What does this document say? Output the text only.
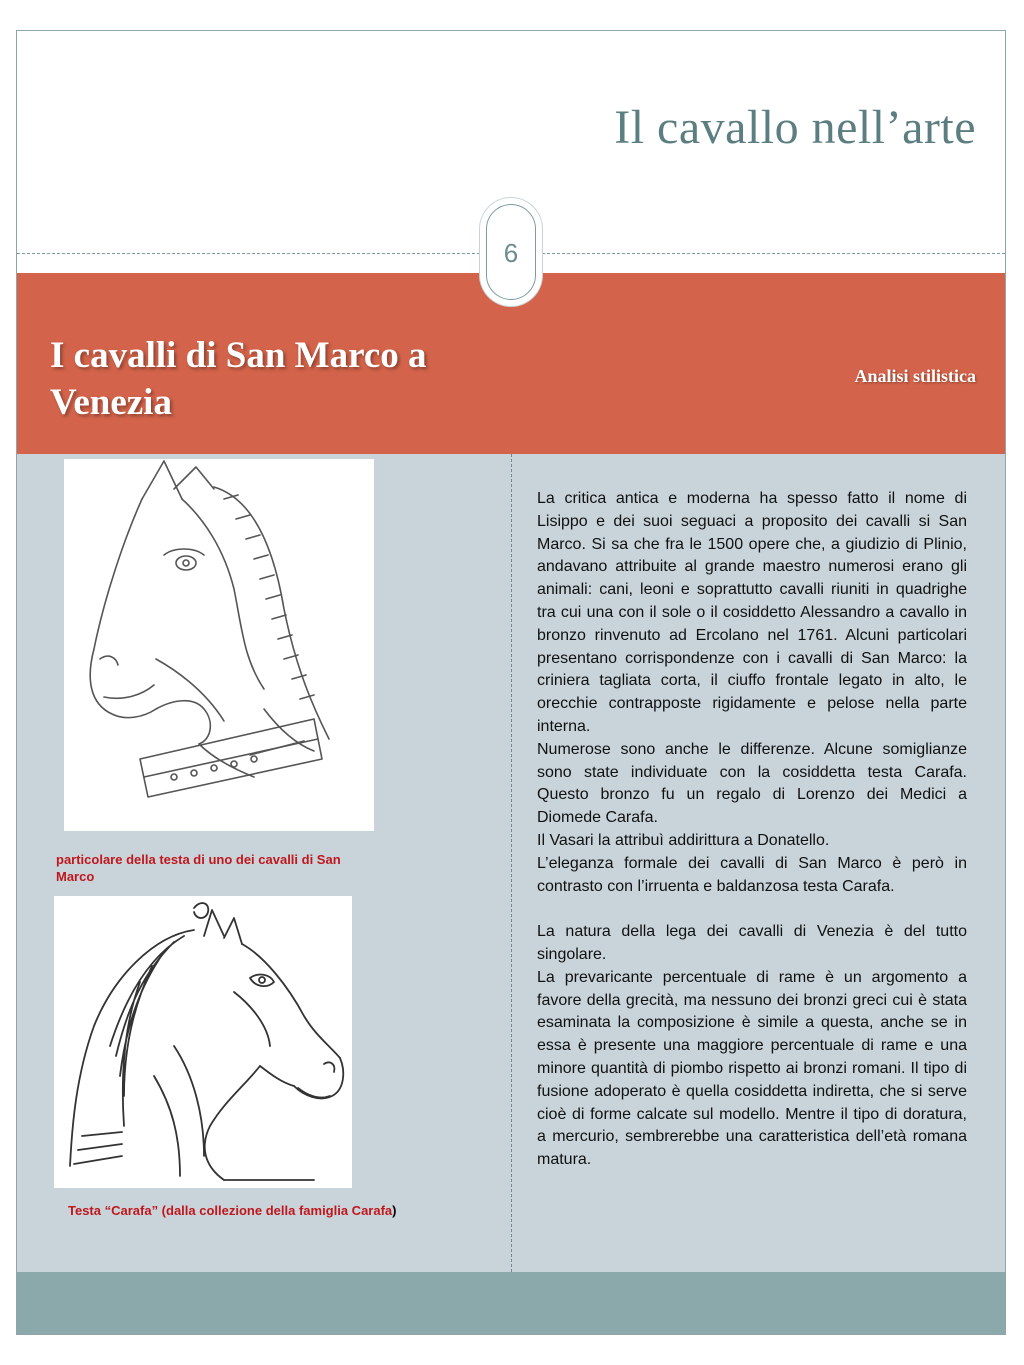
Il cavallo nell’arte
6
I cavalli di San Marco a Venezia
Analisi stilistica
particolare della testa di uno dei cavalli di San Marco
Testa “Carafa” (dalla collezione della famiglia Carafa)

La critica antica e moderna ha spesso fatto il nome di Lisippo e dei suoi seguaci a proposito dei cavalli si San Marco. Si sa che fra le 1500 opere che, a giudizio di Plinio, andavano attribuite al grande maestro numerosi erano gli animali: cani, leoni e soprattutto cavalli riuniti in quadrighe tra cui una con il sole o il cosiddetto Alessandro a cavallo in bronzo rinvenuto ad Ercolano nel 1761. Alcuni particolari presentano corrispondenze con i cavalli di San Marco: la criniera tagliata corta, il ciuffo frontale legato in alto, le orecchie contrapposte rigidamente e pelose nella parte interna.

Numerose sono anche le differenze. Alcune somiglianze sono state individuate con la cosiddetta testa Carafa. Questo bronzo fu un regalo di Lorenzo dei Medici a Diomede Carafa.

Il Vasari la attribuì addirittura a Donatello.

L’eleganza formale dei cavalli di San Marco è però in contrasto con l’irruenta e baldanzosa testa Carafa.

La natura della lega dei cavalli di Venezia è del tutto singolare.

La prevaricante percentuale di rame è un argomento a favore della grecità, ma nessuno dei bronzi greci cui è stata esaminata la composizione è simile a questa, anche se in essa è presente una maggiore percentuale di rame e una minore quantità di piombo rispetto ai bronzi romani. Il tipo di fusione adoperato è quella cosiddetta indiretta, che si serve cioè di forme calcate sul modello. Mentre il tipo di doratura, a mercurio, sembrerebbe una caratteristica dell’età romana matura.
